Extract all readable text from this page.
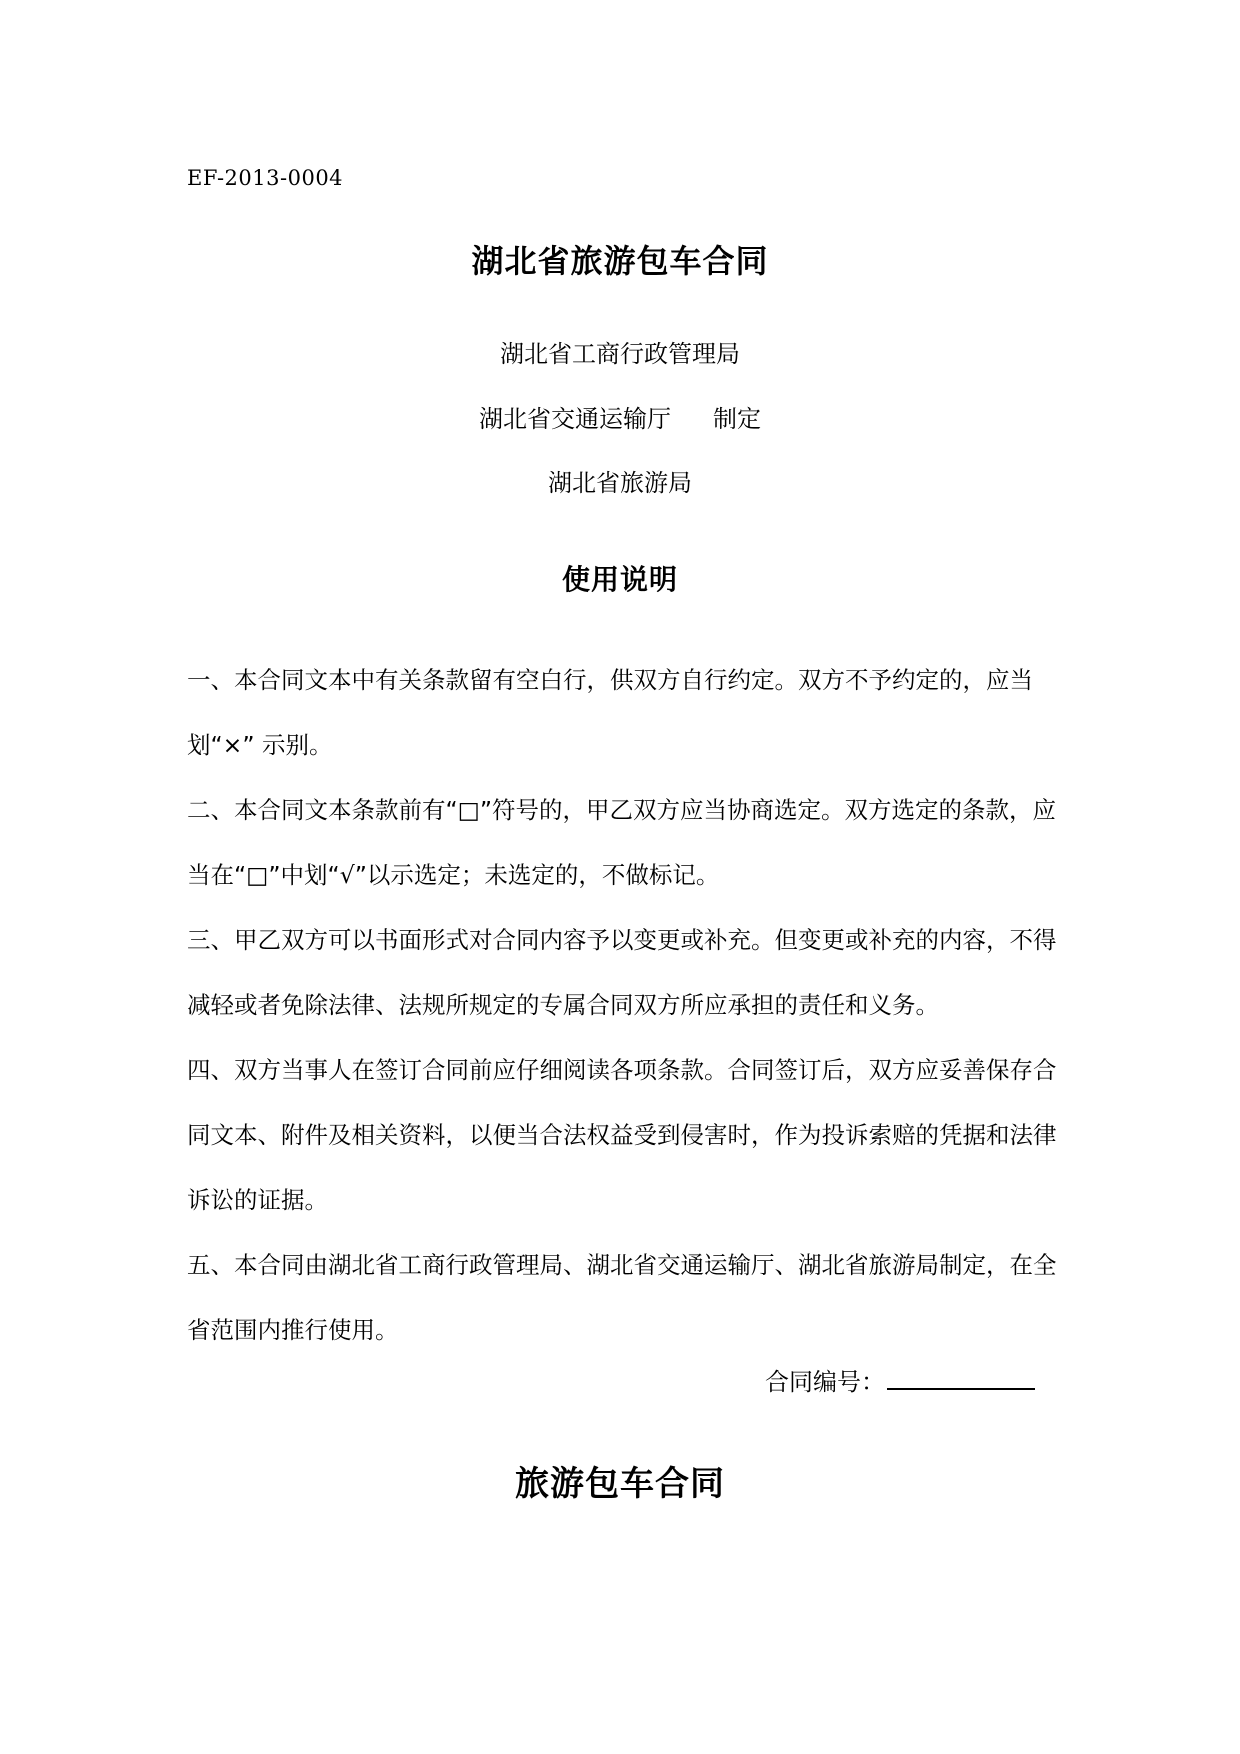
EF-2013-0004
湖北省旅游包车合同
湖北省工商行政管理局
湖北省交通运输厅 制定
湖北省旅游局
使用说明
一、本合同文本中有关条款留有空白行，供双方自行约定。双方不予约定的，应当划“×” 示别。
二、本合同文本条款前有“□”符号的，甲乙双方应当协商选定。双方选定的条款，应当在“□”中划“√”以示选定；未选定的，不做标记。
三、甲乙双方可以书面形式对合同内容予以变更或补充。但变更或补充的内容，不得减轻或者免除法律、法规所规定的专属合同双方所应承担的责任和义务。
四、双方当事人在签订合同前应仔细阅读各项条款。合同签订后，双方应妥善保存合同文本、附件及相关资料，以便当合法权益受到侵害时，作为投诉索赔的凭据和法律诉讼的证据。
五、本合同由湖北省工商行政管理局、湖北省交通运输厅、湖北省旅游局制定，在全省范围内推行使用。
合同编号：
旅游包车合同
